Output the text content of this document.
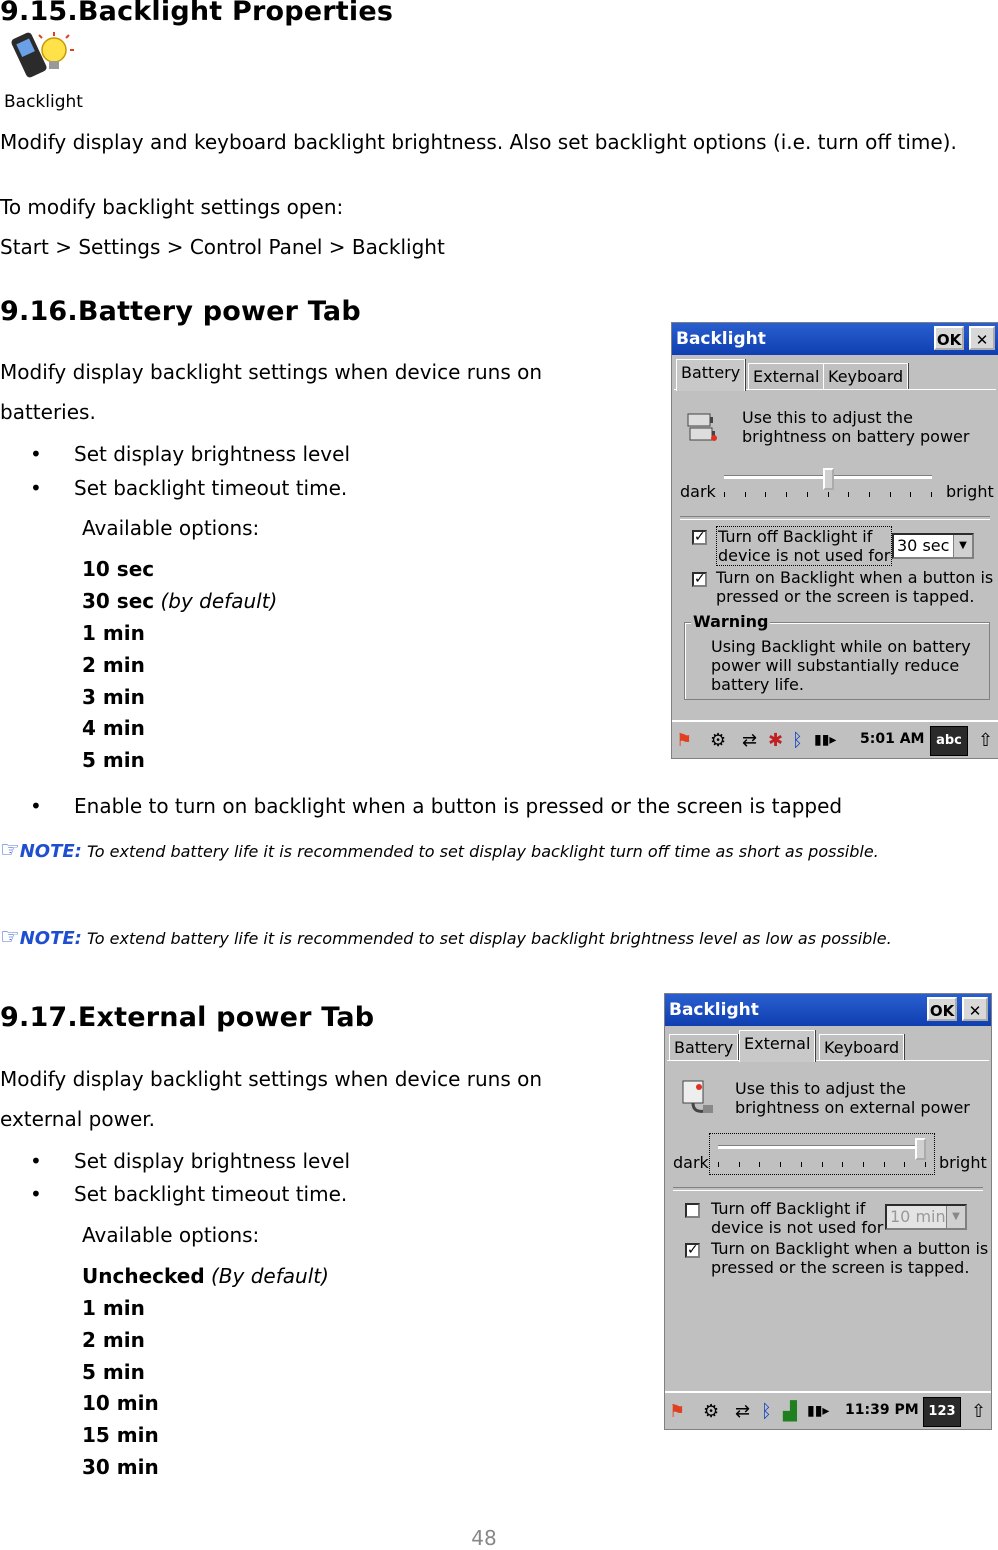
9.15.Backlight Properties
Backlight
Modify display and keyboard backlight brightness. Also set backlight options (i.e. turn off time).
To modify backlight settings open:
Start > Settings > Control Panel > Backlight
9.16.Battery power Tab
Modify display backlight settings when device runs on
batteries.
• Set display brightness level
• Set backlight timeout time.
Available options:
10 sec
30 sec (by default)
1 min
2 min
3 min
4 min
5 min
• Enable to turn on backlight when a button is pressed or the screen is tapped
☞NOTE: To extend battery life it is recommended to set display backlight turn off time as short as possible.
☞NOTE: To extend battery life it is recommended to set display backlight brightness level as low as possible.
Backlight	OK ✕
Battery External Keyboard
Use this to adjust the
brightness on battery power
dark	bright
✓ Turn off Backlight if
device is not used for
30 sec ▼
✓ Turn on Backlight when a button is
pressed or the screen is tapped.
Warning
Using Backlight while on battery
power will substantially reduce
battery life.
⚑ ⚙ ⇄ ✱ ᛒ ▮▮▸ 5:01 AM abc ⇧
9.17.External power Tab
Modify display backlight settings when device runs on
external power.
• Set display brightness level
• Set backlight timeout time.
Available options:
Unchecked (By default)
1 min
2 min
5 min
10 min
15 min
30 min
Backlight	OK ✕
Battery External Keyboard
Use this to adjust the
brightness on external power
dark	bright
Turn off Backlight if
device is not used for
10 min ▼
✓ Turn on Backlight when a button is
pressed or the screen is tapped.
⚑ ⚙ ⇄ ᛒ ▟ ▮▮▸ 11:39 PM 123 ⇧
48
